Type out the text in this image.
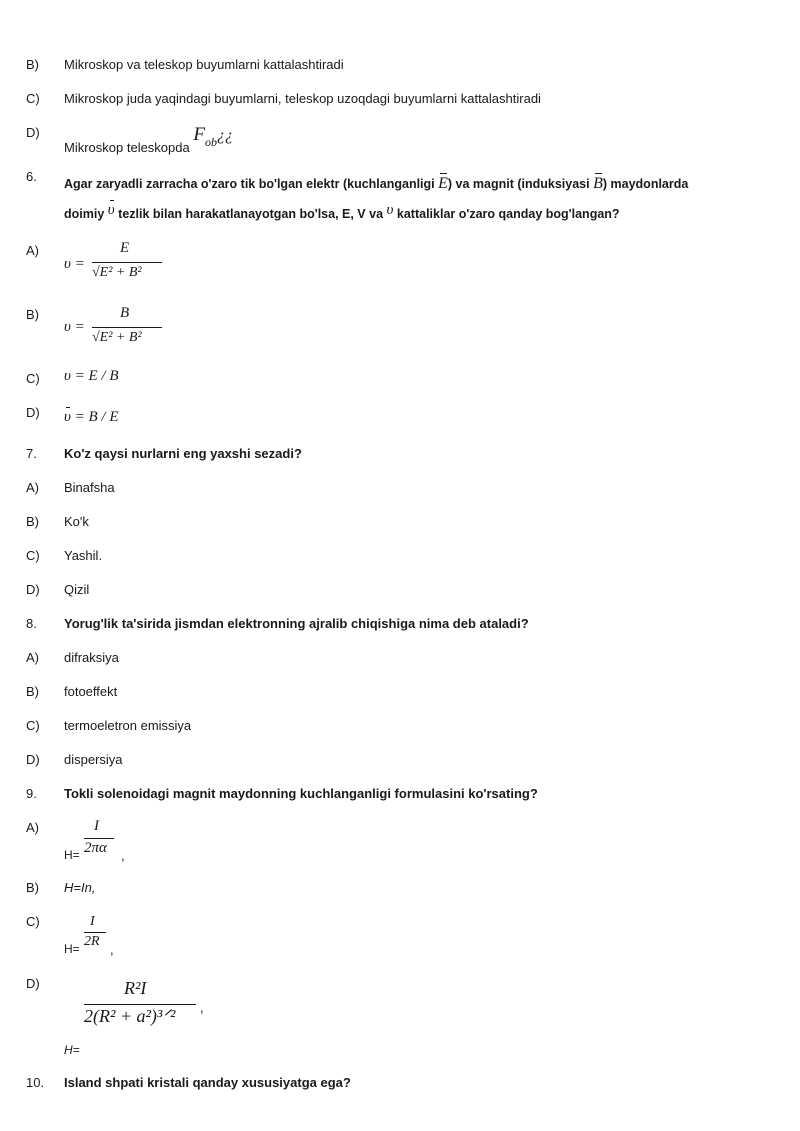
B) Mikroskop va teleskop buyumlarni kattalashtiradi
C) Mikroskop juda yaqindagi buyumlarni, teleskop uzoqdagi buyumlarni kattalashtiradi
D)
Mikroskop teleskopda Fob¿¿
6. Agar zaryadli zarracha o'zaro tik bo'lgan elektr (kuchlanganligi E) va magnit (induksiyasi B) maydonlarda
doimiy υ tezlik bilan harakatlanayotgan bo'lsa, E, V va υ kattaliklar o'zaro qanday bog'langan?
A)
υ =
E
√E² + B²
B)
υ =
B
√E² + B²
C) υ = E / B
D) υ = B / E
7. Ko'z qaysi nurlarni eng yaxshi sezadi?
A) Binafsha
B) Ko'k
C) Yashil.
D) Qizil
8. Yorug'lik ta'sirida jismdan elektronning ajralib chiqishiga nima deb ataladi?
A) difraksiya
B) fotoeffekt
C) termoeletron emissiya
D) dispersiya
9. Tokli solenoidagi magnit maydonning kuchlanganligi formulasini ko'rsating?
A)
H=
I
2πα ,
B) H=In,
C)
H=
I
2R
,
D)	R²I
2(R² + a²)³ᐟ² ,
H=
10. Island shpati kristali qanday xususiyatga ega?
